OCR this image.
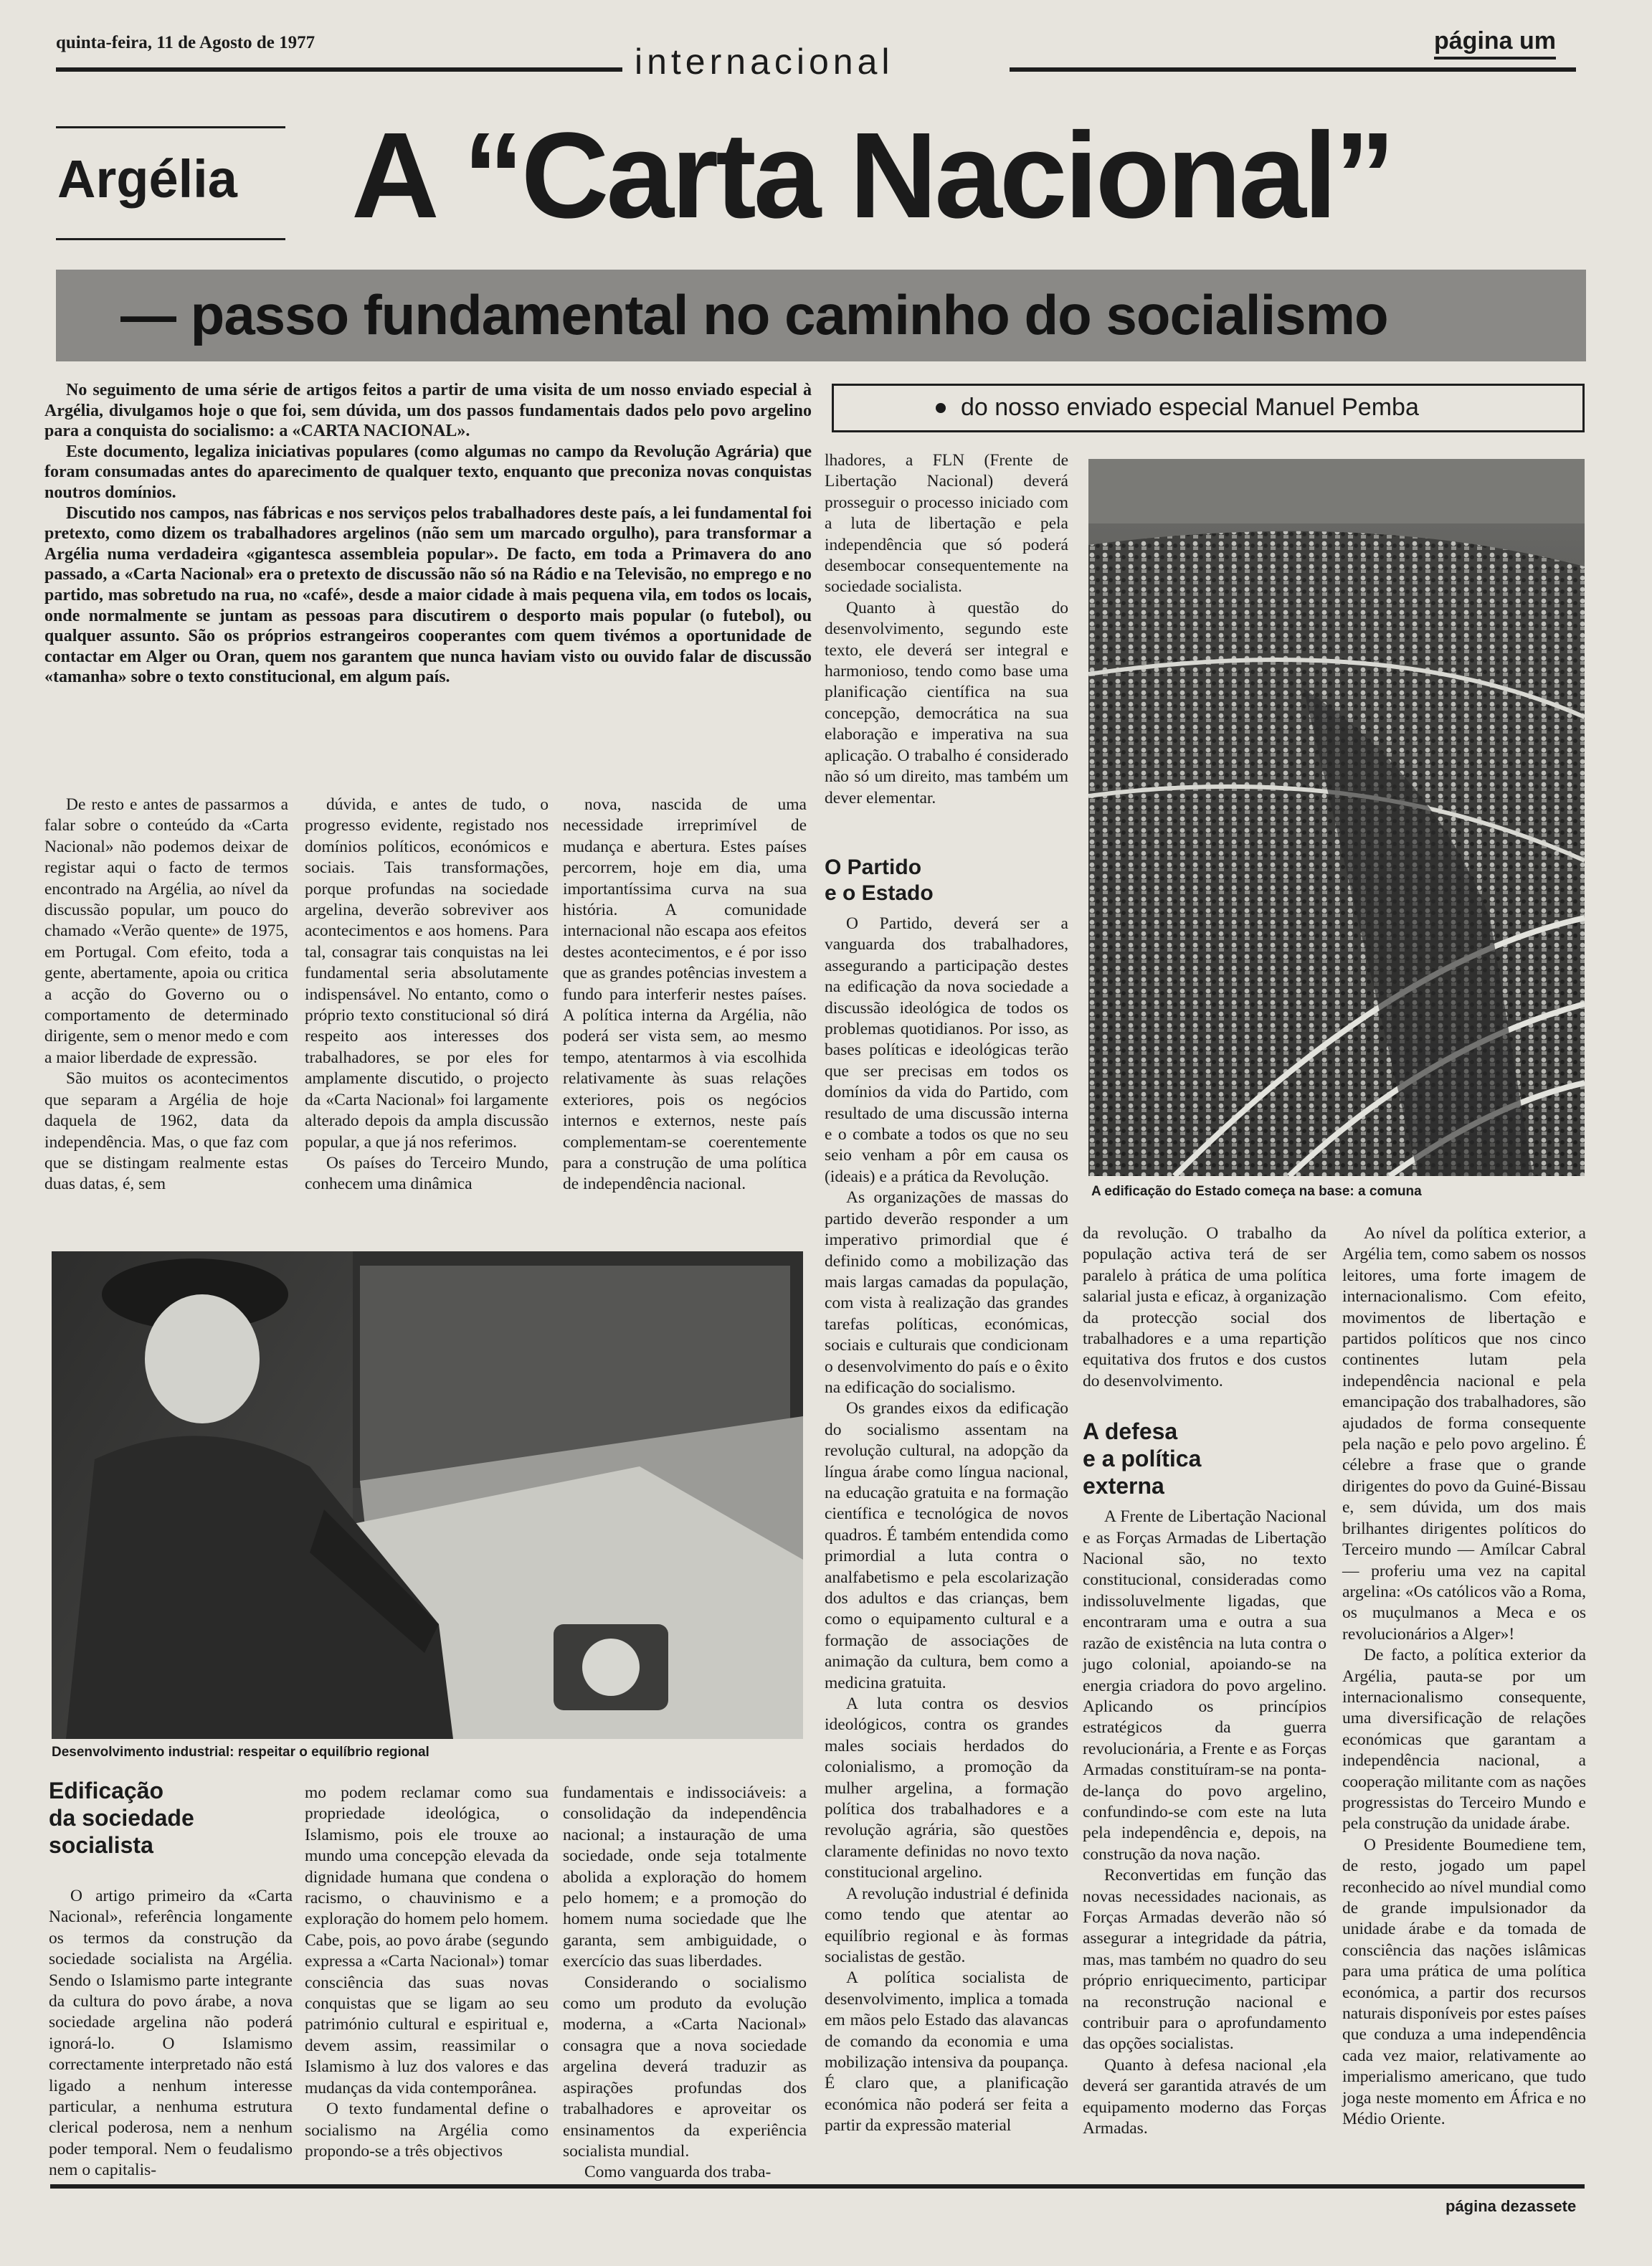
quinta-feira, 11 de Agosto de 1977	internacional
página um
Argélia A “Carta Nacional”
— passo fundamental no caminho do socialismo

No seguimento de uma série de artigos feitos a partir de uma visita de um nosso enviado especial à Argélia, divulgamos hoje o que foi, sem dúvida, um dos passos fundamentais dados pelo povo argelino para a conquista do socialismo: a «CARTA NACIONAL».

Este documento, legaliza iniciativas populares (como algumas no campo da Revolução Agrária) que foram consumadas antes do aparecimento de qualquer texto, enquanto que preconiza novas conquistas noutros domínios.

Discutido nos campos, nas fábricas e nos serviços pelos trabalhadores deste país, a lei fundamental foi pretexto, como dizem os trabalhadores argelinos (não sem um marcado orgulho), para transformar a Argélia numa verdadeira «gigantesca assembleia popular». De facto, em toda a Primavera do ano passado, a «Carta Nacional» era o pretexto de discussão não só na Rádio e na Televisão, no emprego e no partido, mas sobretudo na rua, no «café», desde a maior cidade à mais pequena vila, em todos os locais, onde normalmente se juntam as pessoas para discutirem o desporto mais popular (o futebol), ou qualquer assunto. São os próprios estrangeiros cooperantes com quem tivémos a oportunidade de contactar em Alger ou Oran, quem nos garantem que nunca haviam visto ou ouvido falar de discussão «tamanha» sobre o texto constitucional, em algum país.

do nosso enviado especial Manuel Pemba

De resto e antes de passarmos a falar sobre o conteúdo da «Carta Nacional» não podemos deixar de registar aqui o facto de termos encontrado na Argélia, ao nível da discussão popular, um pouco do chamado «Verão quente» de 1975, em Portugal. Com efeito, toda a gente, abertamente, apoia ou critica a acção do Governo ou o comportamento de determinado dirigente, sem o menor medo e com a maior liberdade de expressão.

São muitos os acontecimentos que separam a Argélia de hoje daquela de 1962, data da independência. Mas, o que faz com que se distingam realmente estas duas datas, é, sem

dúvida, e antes de tudo, o progresso evidente, registado nos domínios políticos, económicos e sociais. Tais transformações, porque profundas na sociedade argelina, deverão sobreviver aos acontecimentos e aos homens. Para tal, consagrar tais conquistas na lei fundamental seria absolutamente indispensável. No entanto, como o próprio texto constitucional só dirá respeito aos interesses dos trabalhadores, se por eles for amplamente discutido, o projecto da «Carta Nacional» foi largamente alterado depois da ampla discussão popular, a que já nos referimos.

Os países do Terceiro Mundo, conhecem uma dinâmica

nova, nascida de uma necessidade irreprimível de mudança e abertura. Estes países percorrem, hoje em dia, uma importantíssima curva na sua história. A comunidade internacional não escapa aos efeitos destes acontecimentos, e é por isso que as grandes potências investem a fundo para interferir nestes países. A política interna da Argélia, não poderá ser vista sem, ao mesmo tempo, atentarmos à via escolhida relativamente às suas relações exteriores, pois os negócios internos e externos, neste país complementam-se coerentemente para a construção de uma política de independência nacional.

lhadores, a FLN (Frente de Libertação Nacional) deverá prosseguir o processo iniciado com a luta de libertação e pela independência que só poderá desembocar consequentemente na sociedade socialista.

Quanto à questão do desenvolvimento, segundo este texto, ele deverá ser integral e harmonioso, tendo como base uma planificação científica na sua concepção, democrática na sua elaboração e imperativa na sua aplicação. O trabalho é considerado não só um direito, mas também um dever elementar.

A edificação do Estado começa na base: a comuna
O Partido
e o Estado

O Partido, deverá ser a vanguarda dos trabalhadores, assegurando a participação destes na edificação da nova sociedade a discussão ideológica de todos os problemas quotidianos. Por isso, as bases políticas e ideológicas terão que ser precisas em todos os domínios da vida do Partido, com resultado de uma discussão interna e o combate a todos os que no seu seio venham a pôr em causa os (ideais) e a prática da Revolução.

As organizações de massas do partido deverão responder a um imperativo primordial que é definido como a mobilização das mais largas camadas da população, com vista à realização das grandes tarefas políticas, económicas, sociais e culturais que condicionam o desenvolvimento do país e o êxito na edificação do socialismo.

Os grandes eixos da edificação do socialismo assentam na revolução cultural, na adopção da língua árabe como língua nacional, na educação gratuita e na formação científica e tecnológica de novos quadros. É também entendida como primordial a luta contra o analfabetismo e pela escolarização dos adultos e das crianças, bem como o equipamento cultural e a formação de associações de animação da cultura, bem como a medicina gratuita.

A luta contra os desvios ideológicos, contra os grandes males sociais herdados do colonialismo, a promoção da mulher argelina, a formação política dos trabalhadores e a revolução agrária, são questões claramente definidas no novo texto constitucional argelino.

A revolução industrial é definida como tendo que atentar ao equilíbrio regional e às formas socialistas de gestão.

A política socialista de desenvolvimento, implica a tomada em mãos pelo Estado das alavancas de comando da economia e uma mobilização intensiva da poupança. É claro que, a planificação económica não poderá ser feita a partir da expressão material

da revolução. O trabalho da população activa terá de ser paralelo à prática de uma política salarial justa e eficaz, à organização da protecção social dos trabalhadores e a uma repartição equitativa dos frutos e dos custos do desenvolvimento.

A defesa
e a política
externa

A Frente de Libertação Nacional e as Forças Armadas de Libertação Nacional são, no texto constitucional, consideradas como indissoluvelmente ligadas, que encontraram uma e outra a sua razão de existência na luta contra o jugo colonial, apoiando-se na energia criadora do povo argelino. Aplicando os princípios estratégicos da guerra revolucionária, a Frente e as Forças Armadas constituíram-se na ponta-de-lança do povo argelino, confundindo-se com este na luta pela independência e, depois, na construção da nova nação.

Reconvertidas em função das novas necessidades nacionais, as Forças Armadas deverão não só assegurar a integridade da pátria, mas, mas também no quadro do seu próprio enriquecimento, participar na reconstrução nacional e contribuir para o aprofundamento das opções socialistas.

Quanto à defesa nacional ,ela deverá ser garantida através de um equipamento moderno das Forças Armadas.

Ao nível da política exterior, a Argélia tem, como sabem os nossos leitores, uma forte imagem de internacionalismo. Com efeito, movimentos de libertação e partidos políticos que nos cinco continentes lutam pela independência nacional e pela emancipação dos trabalhadores, são ajudados de forma consequente pela nação e pelo povo argelino. É célebre a frase que o grande dirigentes do povo da Guiné-Bissau e, sem dúvida, um dos mais brilhantes dirigentes políticos do Terceiro mundo — Amílcar Cabral — proferiu uma vez na capital argelina: «Os católicos vão a Roma, os muçulmanos a Meca e os revolucionários a Alger»!

De facto, a política exterior da Argélia, pauta-se por um internacionalismo consequente, uma diversificação de relações económicas que garantam a independência nacional, a cooperação militante com as nações progressistas do Terceiro Mundo e pela construção da unidade árabe.

O Presidente Boumediene tem, de resto, jogado um papel reconhecido ao nível mundial como de grande impulsionador da unidade árabe e da tomada de consciência das nações islâmicas para uma prática de uma política económica, a partir dos recursos naturais disponíveis por estes países que conduza a uma independência cada vez maior, relativamente ao imperialismo americano, que tudo joga neste momento em África e no Médio Oriente.

Desenvolvimento industrial: respeitar o equilíbrio regional
Edificação
da sociedade
socialista

O artigo primeiro da «Carta Nacional», referência longamente os termos da construção da sociedade socialista na Argélia. Sendo o Islamismo parte integrante da cultura do povo árabe, a nova sociedade argelina não poderá ignorá-lo. O Islamismo correctamente interpretado não está ligado a nenhum interesse particular, a nenhuma estrutura clerical poderosa, nem a nenhum poder temporal. Nem o feudalismo nem o capitalis-

mo podem reclamar como sua propriedade ideológica, o Islamismo, pois ele trouxe ao mundo uma concepção elevada da dignidade humana que condena o racismo, o chauvinismo e a exploração do homem pelo homem. Cabe, pois, ao povo árabe (segundo expressa a «Carta Nacional») tomar consciência das suas novas conquistas que se ligam ao seu património cultural e espiritual e, devem assim, reassimilar o Islamismo à luz dos valores e das mudanças da vida contemporânea.

O texto fundamental define o socialismo na Argélia como propondo-se a três objectivos

fundamentais e indissociáveis: a consolidação da independência nacional; a instauração de uma sociedade, onde seja totalmente abolida a exploração do homem pelo homem; e a promoção do homem numa sociedade que lhe garanta, sem ambiguidade, o exercício das suas liberdades.

Considerando o socialismo como um produto da evolução moderna, a «Carta Nacional» consagra que a nova sociedade argelina deverá traduzir as aspirações profundas dos trabalhadores e aproveitar os ensinamentos da experiência socialista mundial.

Como vanguarda dos traba-

página dezassete
